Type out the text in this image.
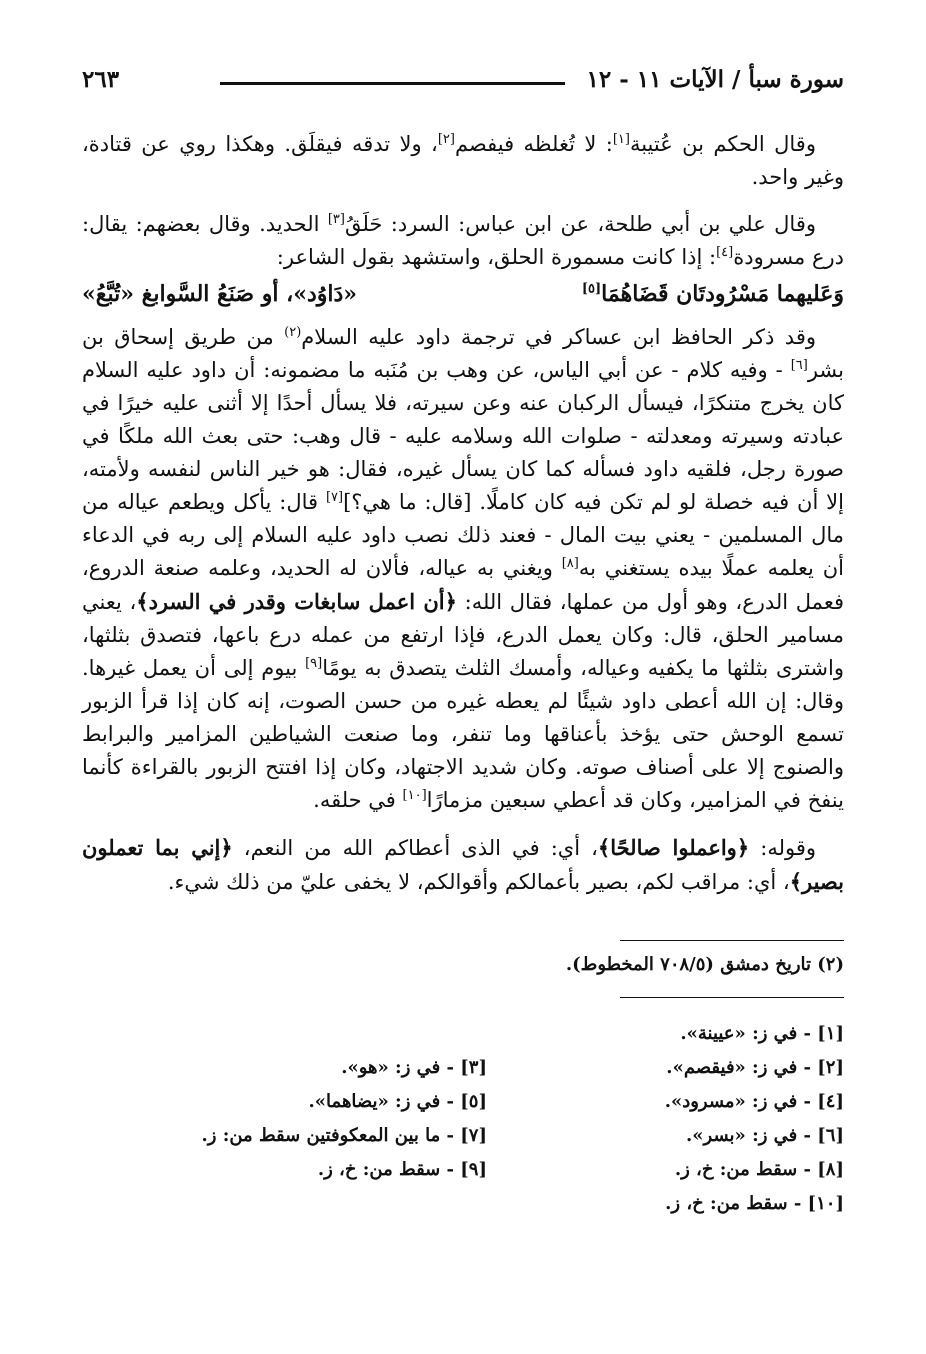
٢٦٣	سورة سبأ / الآيات ١١ - ١٢

وقال الحكم بن عُتيبة[١]: لا تُغلظه فيفصم[٢]، ولا تدقه فيقلَق. وهكذا روي عن قتادة، وغير واحد.

وقال علي بن أبي طلحة، عن ابن عباس: السرد: حَلَقُ[٣] الحديد. وقال بعضهم: يقال: درع مسرودة[٤]: إذا كانت مسمورة الحلق، واستشهد بقول الشاعر:

وَعَليهما مَسْرُودتَان قَضَاهُمَا[٥]
«دَاوُد»، أو صَنَعُ السَّوابغ «تُبَّعُ»

وقد ذكر الحافظ ابن عساكر في ترجمة داود عليه السلام$^{(٢)}$ من طريق إسحاق بن بشر[٦] - وفيه كلام - عن أبي الياس، عن وهب بن مُنَبه ما مضمونه: أن داود عليه السلام كان يخرج متنكرًا، فيسأل الركبان عنه وعن سيرته، فلا يسأل أحدًا إلا أثنى عليه خيرًا في عبادته وسيرته ومعدلته - صلوات الله وسلامه عليه - قال وهب: حتى بعث الله ملكًا في صورة رجل، فلقيه داود فسأله كما كان يسأل غيره، فقال: هو خير الناس لنفسه ولأمته، إلا أن فيه خصلة لو لم تكن فيه كان كاملًا. [قال: ما هي؟][٧] قال: يأكل ويطعم عياله من مال المسلمين - يعني بيت المال - فعند ذلك نصب داود عليه السلام إلى ربه في الدعاء أن يعلمه عملًا بيده يستغني به[٨] ويغني به عياله، فألان له الحديد، وعلمه صنعة الدروع، فعمل الدرع، وهو أول من عملها، فقال الله: ﴿أن اعمل سابغات وقدر في السرد﴾، يعني مسامير الحلق، قال: وكان يعمل الدرع، فإذا ارتفع من عمله درع باعها، فتصدق بثلثها، واشترى بثلثها ما يكفيه وعياله، وأمسك الثلث يتصدق به يومًا[٩] بيوم إلى أن يعمل غيرها. وقال: إن الله أعطى داود شيئًا لم يعطه غيره من حسن الصوت، إنه كان إذا قرأ الزبور تسمع الوحش حتى يؤخذ بأعناقها وما تنفر، وما صنعت الشياطين المزامير والبرابط والصنوج إلا على أصناف صوته. وكان شديد الاجتهاد، وكان إذا افتتح الزبور بالقراءة كأنما ينفخ في المزامير، وكان قد أعطي سبعين مزمارًا[١٠] في حلقه.

وقوله: ﴿واعملوا صالحًا﴾، أي: في الذى أعطاكم الله من النعم، ﴿إني بما تعملون بصير﴾، أي: مراقب لكم، بصير بأعمالكم وأقوالكم، لا يخفى عليّ من ذلك شيء.

(٢) تاريخ دمشق (٧٠٨/٥ المخطوط).
[١] - في ز: «عيينة».
[٢] - في ز: «فيقصم».
[٣] - في ز: «هو».
[٤] - في ز: «مسرود».
[٥] - في ز: «يضاهما».
[٦] - في ز: «بسر».
[٧] - ما بين المعكوفتين سقط من: ز.
[٨] - سقط من: خ، ز.
[٩] - سقط من: خ، ز.
[١٠] - سقط من: خ، ز.
